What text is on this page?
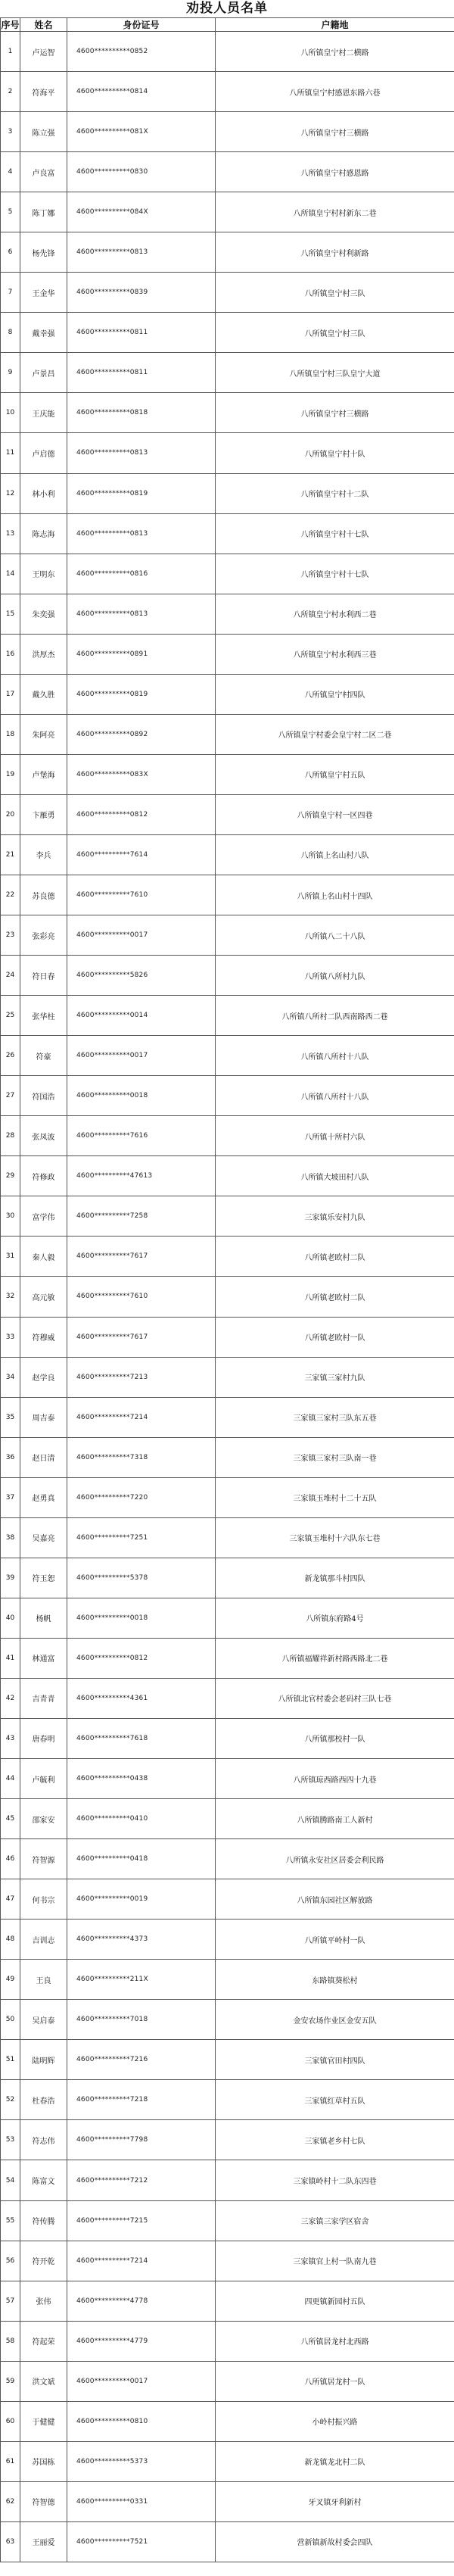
劝投人员名单
序号	姓名	身份证号	户籍地
1	卢运智	4600**********0852	八所镇皇宁村二横路
2	符海平	4600**********0814	八所镇皇宁村感恩东路六巷
3	陈立强	4600**********081X	八所镇皇宁村三横路
4	卢良富	4600**********0830	八所镇皇宁村感恩路
5	陈丁娜	4600**********084X	八所镇皇宁村村新东二巷
6	杨先锋	4600**********0813	八所镇皇宁村利新路
7	王金华	4600**********0839	八所镇皇宁村三队
8	戴幸强	4600**********0811	八所镇皇宁村三队
9	卢景昌	4600**********0811	八所镇皇宁村三队皇宁大道
10	王庆能	4600**********0818	八所镇皇宁村三横路
11	卢启德	4600**********0813	八所镇皇宁村十队
12	林小利	4600**********0819	八所镇皇宁村十二队
13	陈志海	4600**********0813	八所镇皇宁村十七队
14	王明东	4600**********0816	八所镇皇宁村十七队
15	朱奕强	4600**********0813	八所镇皇宁村水利西二巷
16	洪厚杰	4600**********0891	八所镇皇宁村水利西三巷
17	戴久胜	4600**********0819	八所镇皇宁村四队
18	朱阿亮	4600**********0892	八所镇皇宁村委会皇宁村二区二巷
19	卢堡海	4600**********083X	八所镇皇宁村五队
20	卞雁勇	4600**********0812	八所镇皇宁村一区四巷
21	李兵	4600**********7614	八所镇上名山村八队
22	苏良德	4600**********7610	八所镇上名山村十四队
23	张彩亮	4600**********0017	八所镇八二十八队
24	符日春	4600**********5826	八所镇八所村九队
25	张华柱	4600**********0014	八所镇八所村二队西南路西二巷
26	符豪	4600**********0017	八所镇八所村十八队
27	符国浩	4600**********0018	八所镇八所村十八队
28	张凤波	4600**********7616	八所镇十所村六队
29	符修政	4600**********47613	八所镇大坡田村八队
30	富学伟	4600**********7258	三家镇乐安村九队
31	秦人毅	4600**********7617	八所镇老欧村二队
32	高元敏	4600**********7610	八所镇老欧村二队
33	符穆威	4600**********7617	八所镇老欧村一队
34	赵学良	4600**********7213	三家镇三家村九队
35	周吉泰	4600**********7214	三家镇三家村三队东五巷
36	赵日清	4600**********7318	三家镇三家村三队南一巷
37	赵勇真	4600**********7220	三家镇玉堆村十二十五队
38	吴嘉亮	4600**********7251	三家镇玉堆村十六队东七巷
39	符玉恕	4600**********5378	新龙镇那斗村四队
40	杨帆	4600**********0018	八所镇东府路4号
41	林通富	4600**********0812	八所镇福耀祥新村路西路北二巷
42	吉青青	4600**********4361	八所镇北官村委会老码村三队七巷
43	唐春明	4600**********7618	八所镇那校村一队
44	卢毓利	4600**********0438	八所镇琼西路西四十九巷
45	邵家安	4600**********0410	八所镇腾路南工人新村
46	符智源	4600**********0418	八所镇永安社区居委会利民路
47	何书宗	4600**********0019	八所镇东园社区解放路
48	吉训志	4600**********4373	八所镇平岭村一队
49	王良	4600**********211X	东路镇葵松村
50	吴启泰	4600**********7018	金安农场作业区金安五队
51	陆明辉	4600**********7216	三家镇官田村四队
52	杜春浩	4600**********7218	三家镇红草村五队
53	符志伟	4600**********7798	三家镇老乡村七队
54	陈富文	4600**********7212	三家镇岭村十二队东四巷
55	符传腾	4600**********7215	三家镇三家学区宿舍
56	符开乾	4600**********7214	三家镇官上村一队南九巷
57	张伟	4600**********4778	四更镇新园村五队
58	符起荣	4600**********4779	八所镇居龙村北西路
59	洪文斌	4600**********0017	八所镇居龙村一队
60	于健健	4600**********0810	小岭村振兴路
61	苏国栋	4600**********5373	新龙镇龙北村二队
62	符智德	4600**********0331	牙叉镇牙利新村
63	王丽爱	4600**********7521	营新镇新故村委会四队
